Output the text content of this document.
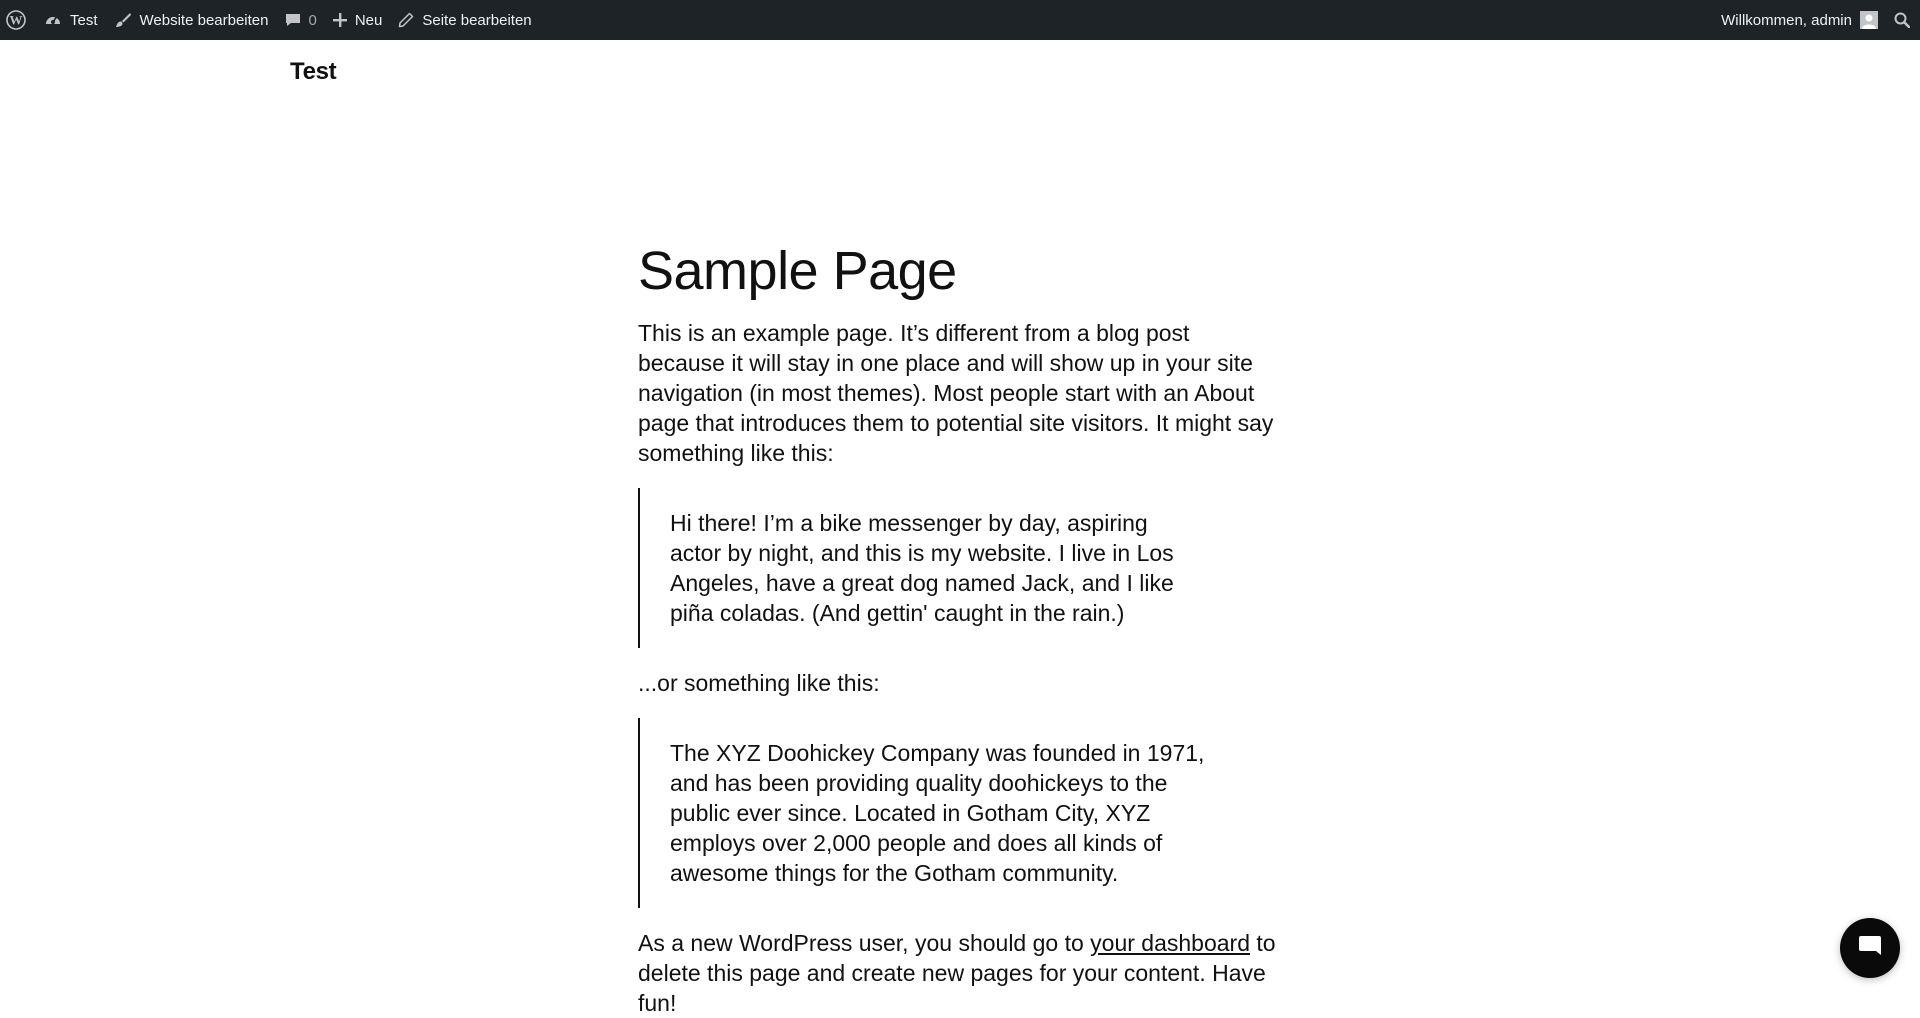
W	Test	Website bearbeiten	0	Neu	Seite bearbeiten	Willkommen, admin
Test
Sample Page

This is an example page. It’s different from a blog post because it will stay in one place and will show up in your site navigation (in most themes). Most people start with an About page that introduces them to potential site visitors. It might say something like this:

Hi there! I’m a bike messenger by day, aspiring actor by night, and this is my website. I live in Los Angeles, have a great dog named Jack, and I like piña coladas. (And gettin' caught in the rain.)

...or something like this:

The XYZ Doohickey Company was founded in 1971, and has been providing quality doohickeys to the public ever since. Located in Gotham City, XYZ employs over 2,000 people and does all kinds of awesome things for the Gotham community.

As a new WordPress user, you should go to your dashboard to delete this page and create new pages for your content. Have fun!
